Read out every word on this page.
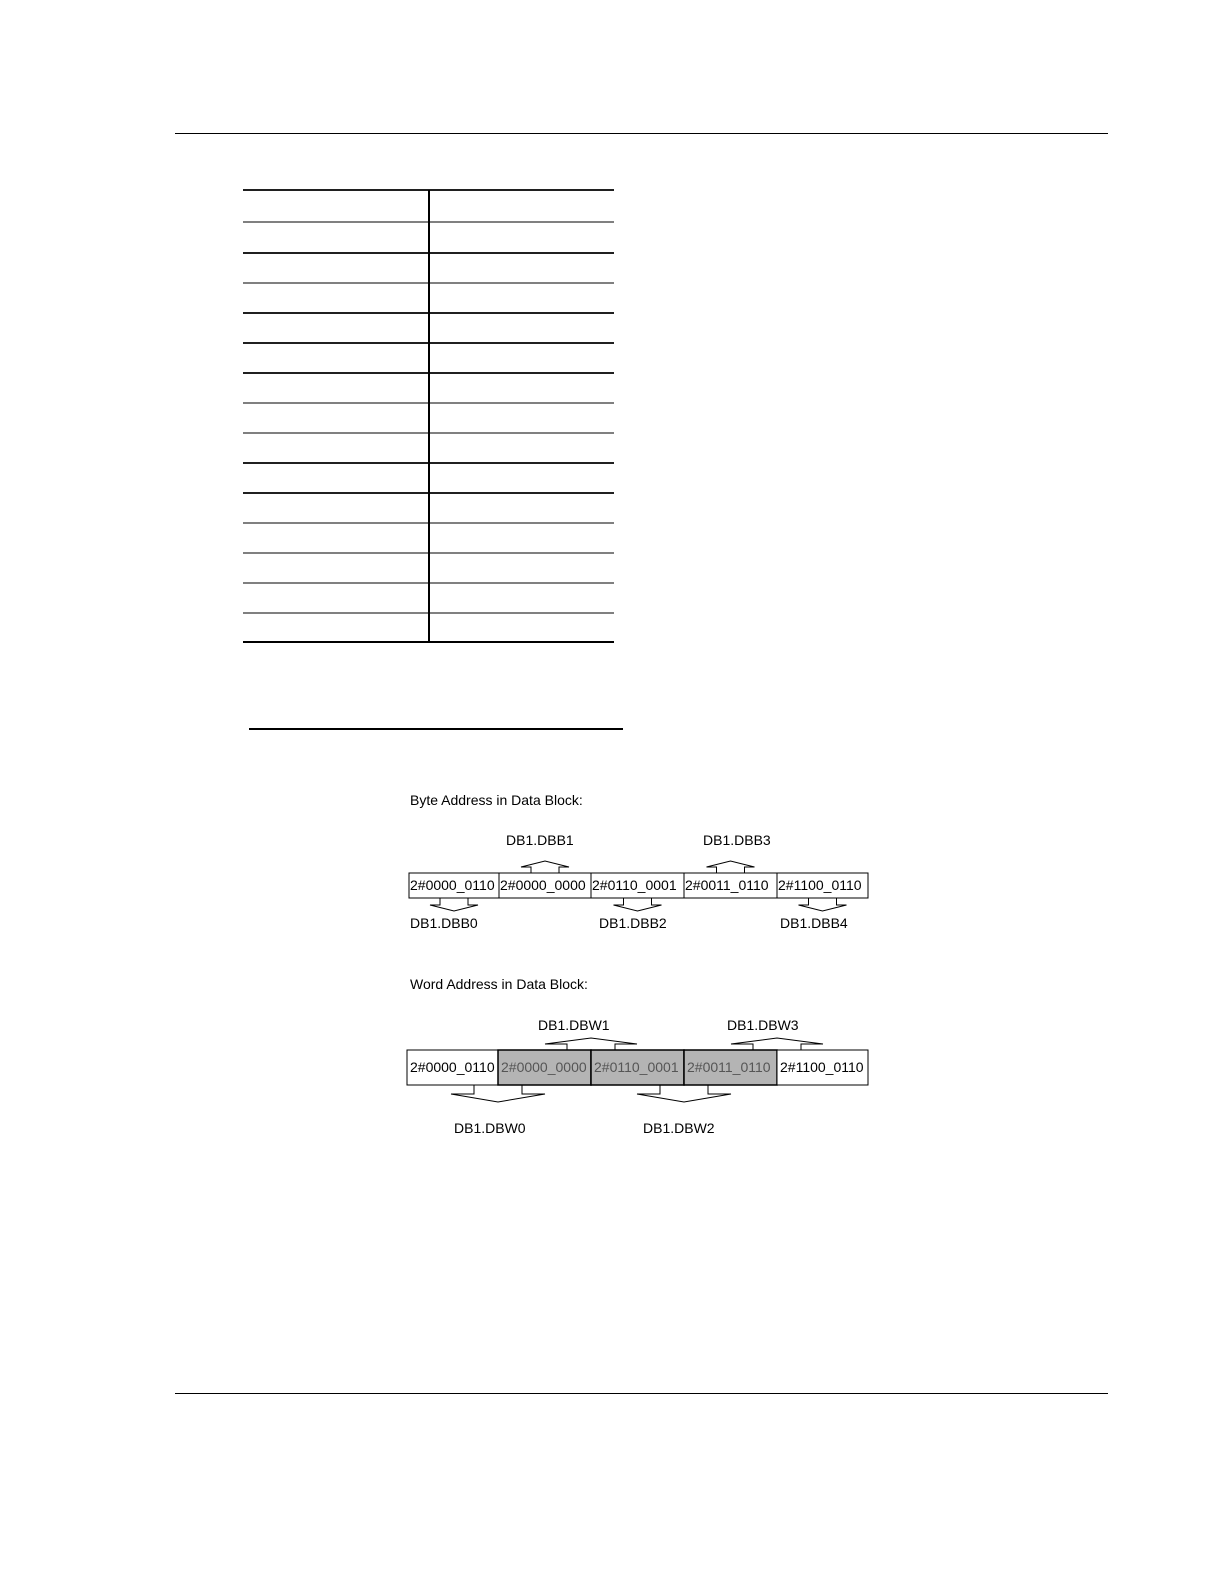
Byte Address in Data Block:
DB1.DBB1	DB1.DBB3
DB1.DBB0	DB1.DBB2	DB1.DBB4
Word Address in Data Block:
DB1.DBW1	DB1.DBW3
DB1.DBW0	DB1.DBW2
2#0000_0110 2#0000_0000 2#0110_0001 2#0011_0110 2#1100_0110
2#0000_0110 2#0000_0000 2#0110_0001 2#0011_0110 2#1100_0110
